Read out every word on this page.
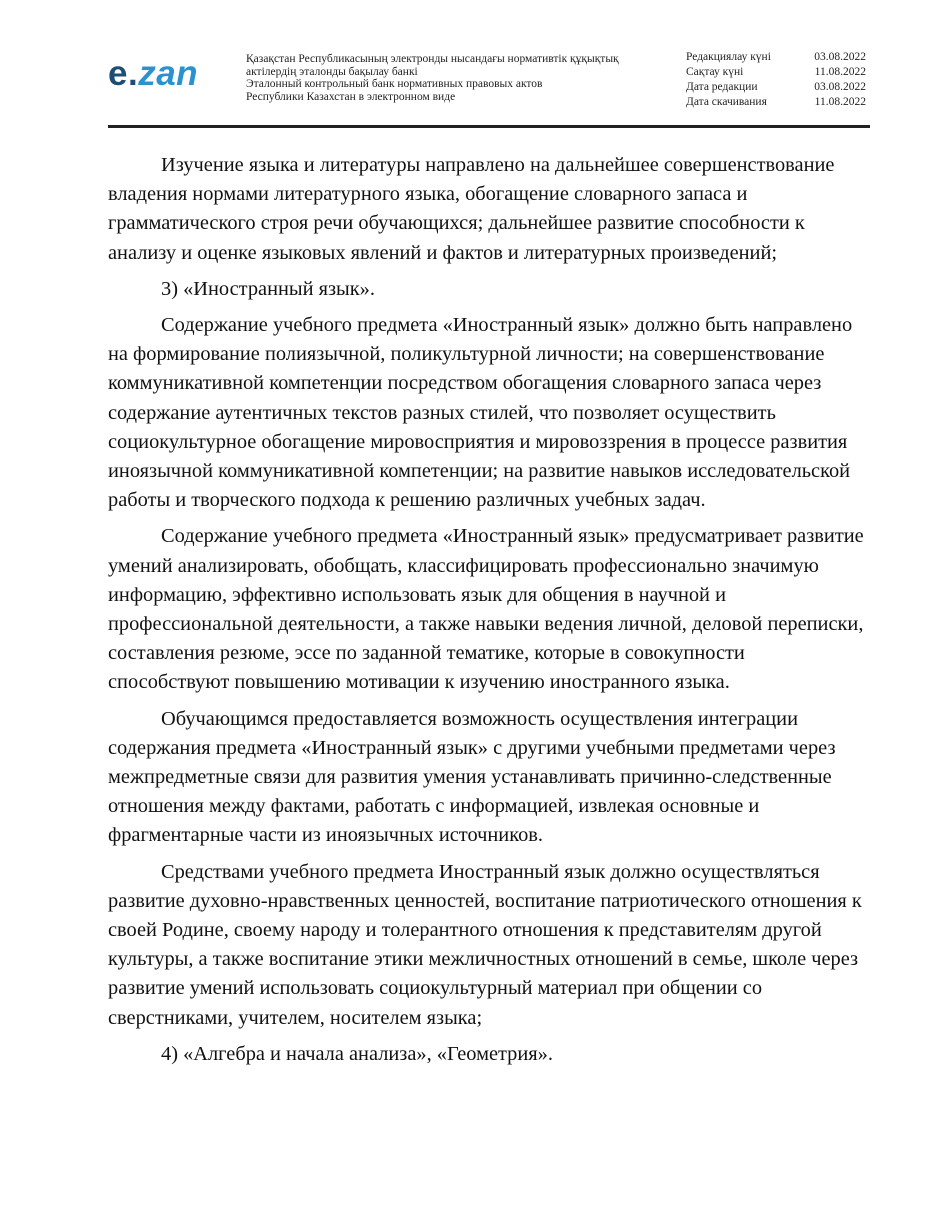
e.zan	Қазақстан Республикасының электронды нысандағы нормативтік құқықтық
актілердің эталонды бақылау банкі
Эталонный контрольный банк нормативных правовых актов
Республики Казахстан в электронном виде
Редакциялау күні	03.08.2022
Сақтау күні	11.08.2022
Дата редакции	03.08.2022
Дата скачивания	11.08.2022

Изучение языка и литературы направлено на дальнейшее совершенствование владения нормами литературного языка, обогащение словарного запаса и грамматического строя речи обучающихся; дальнейшее развитие способности к анализу и оценке языковых явлений и фактов и литературных произведений;

3) «Иностранный язык».

Содержание учебного предмета «Иностранный язык» должно быть направлено на формирование полиязычной, поликультурной личности; на совершенствование коммуникативной компетенции посредством обогащения словарного запаса через содержание аутентичных текстов разных стилей, что позволяет осуществить социокультурное обогащение мировосприятия и мировоззрения в процессе развития иноязычной коммуникативной компетенции; на развитие навыков исследовательской работы и творческого подхода к решению различных учебных задач.

Содержание учебного предмета «Иностранный язык» предусматривает развитие умений анализировать, обобщать, классифицировать профессионально значимую информацию, эффективно использовать язык для общения в научной и профессиональной деятельности, а также навыки ведения личной, деловой переписки, составления резюме, эссе по заданной тематике, которые в совокупности способствуют повышению мотивации к изучению иностранного языка.

Обучающимся предоставляется возможность осуществления интеграции содержания предмета «Иностранный язык» с другими учебными предметами через межпредметные связи для развития умения устанавливать причинно-следственные отношения между фактами, работать с информацией, извлекая основные и фрагментарные части из иноязычных источников.

Средствами учебного предмета Иностранный язык должно осуществляться развитие духовно-нравственных ценностей, воспитание патриотического отношения к своей Родине, своему народу и толерантного отношения к представителям другой культуры, а также воспитание этики межличностных отношений в семье, школе через развитие умений использовать социокультурный материал при общении со сверстниками, учителем, носителем языка;

4) «Алгебра и начала анализа», «Геометрия».
